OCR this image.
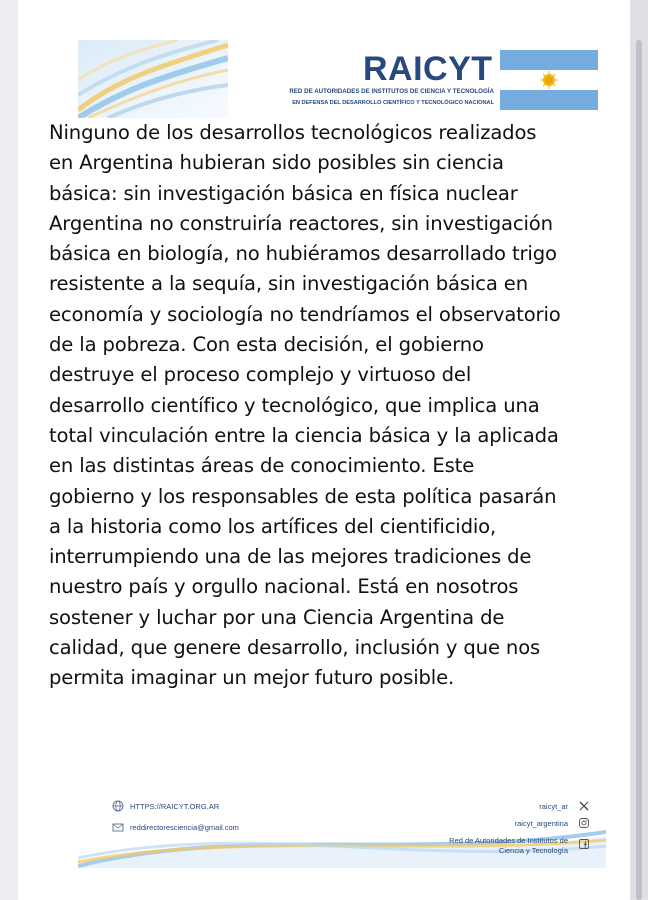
RAICYT
RED DE AUTORIDADES DE INSTITUTOS DE CIENCIA Y TECNOLOGÍA
EN DEFENSA DEL DESARROLLO CIENTÍFICO Y TECNOLÓGICO NACIONAL
Ninguno de los desarrollos tecnológicos realizados
en Argentina hubieran sido posibles sin ciencia
básica: sin investigación básica en física nuclear
Argentina no construiría reactores, sin investigación
básica en biología, no hubiéramos desarrollado trigo
resistente a la sequía, sin investigación básica en
economía y sociología no tendríamos el observatorio
de la pobreza. Con esta decisión, el gobierno
destruye el proceso complejo y virtuoso del
desarrollo científico y tecnológico, que implica una
total vinculación entre la ciencia básica y la aplicada
en las distintas áreas de conocimiento. Este
gobierno y los responsables de esta política pasarán
a la historia como los artífices del cientificidio,
interrumpiendo una de las mejores tradiciones de
nuestro país y orgullo nacional. Está en nosotros
sostener y luchar por una Ciencia Argentina de
calidad, que genere desarrollo, inclusión y que nos
permita imaginar un mejor futuro posible.
HTTPS://RAICYT.ORG.AR
reddirectoresciencia@gmail.com
raicyt_ar
raicyt_argentina
Red de Autoridades de Institutos de
Ciencia y Tecnología
